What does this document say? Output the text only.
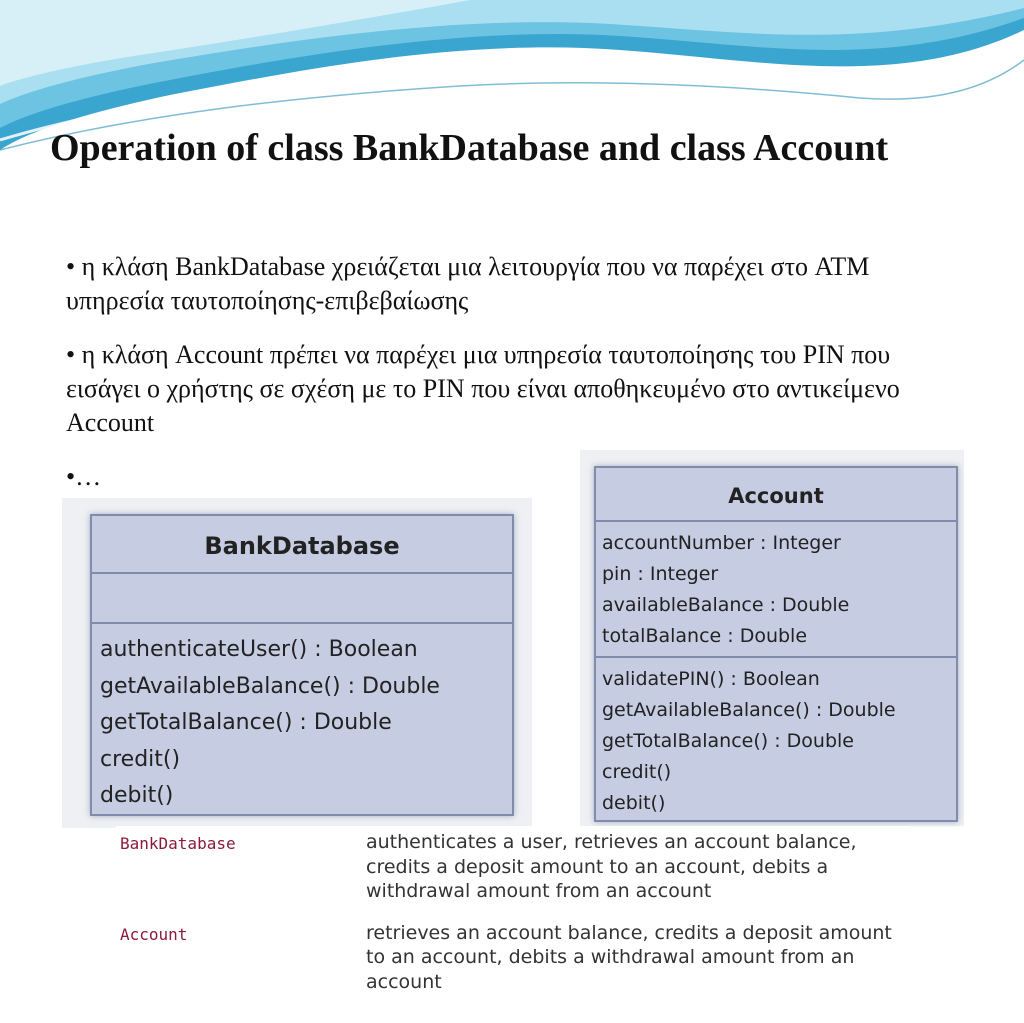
Operation of class BankDatabase and class Account
• η κλάση BankDatabase χρειάζεται μια λειτουργία που να παρέχει στο ATM υπηρεσία ταυτοποίησης-επιβεβαίωσης
• η κλάση Account πρέπει να παρέχει μια υπηρεσία ταυτοποίησης του PIN που εισάγει ο χρήστης σε σχέση με το PIN που είναι αποθηκευμένο στο αντικείμενο Account
•…
BankDatabase
authenticateUser() : Boolean
getAvailableBalance() : Double
getTotalBalance() : Double
credit()
debit()
Account
accountNumber : Integer
pin : Integer
availableBalance : Double
totalBalance : Double
validatePIN() : Boolean
getAvailableBalance() : Double
getTotalBalance() : Double
credit()
debit()
BankDatabase	authenticates a user, retrieves an account balance, credits a deposit amount to an account, debits a withdrawal amount from an account
Account	retrieves an account balance, credits a deposit amount to an account, debits a withdrawal amount from an account
